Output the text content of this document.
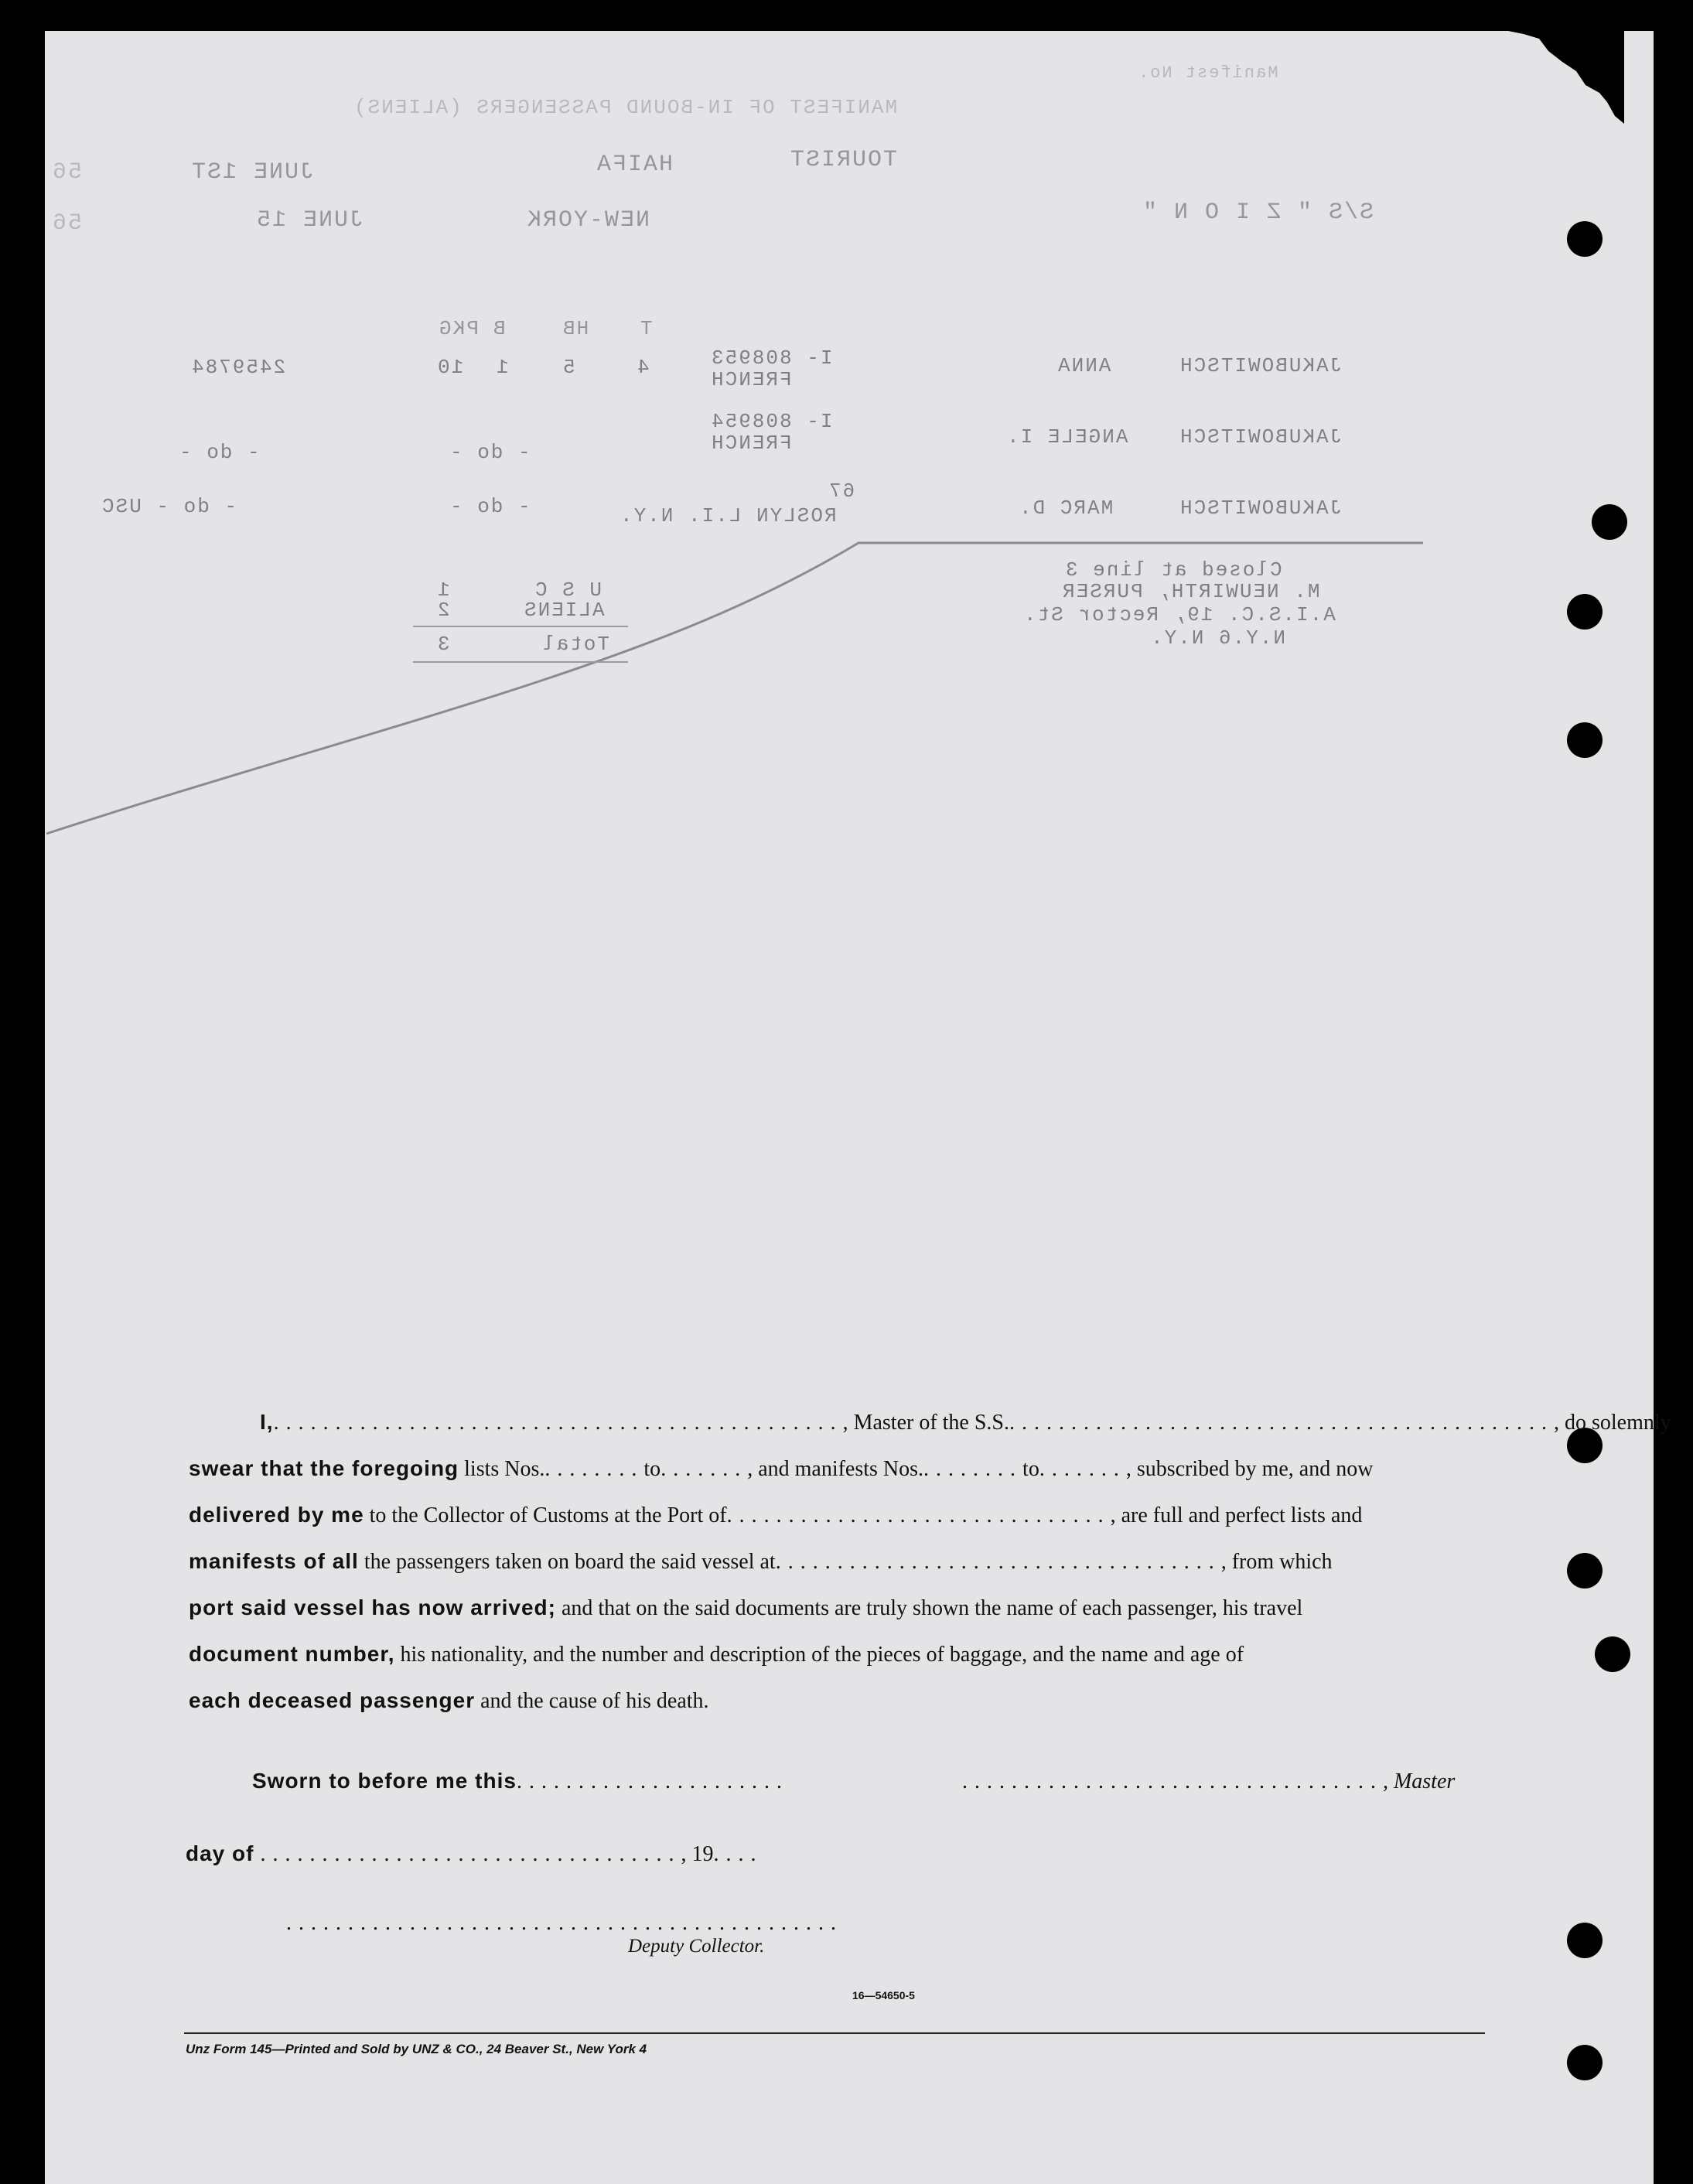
MANIFEST OF IN-BOUND PASSENGERS (ALIENS)
Manifest No.
S/S " Z I O N "
TOURIST
HAIFA
JUNE 1ST
56
NEW-YORK
JUNE 15
56
T
HB
B
PKG
JAKUBOWITSCH
ANNA
I- 808953
FRENCH
4
5
1
10
2459784
JAKUBOWITSCH
ANGELE I.
I- 808954
FRENCH
- do -
- do -
JAKUBOWITSCH
MARC D.
67
ROSLYN L.I. N.Y.
- do -
- do - USC
Closed at line 3
M. NEUWIRTH, PURSER
A.I.S.C. 19, Rector St.
N.Y.6 N.Y.
U S C
1
ALIENS
2
Total
3
I,. . . . . . . . . . . . . . . . . . . . . . . . . . . . . . . . . . . . . . . . . . . . . . , Master of the S.S.. . . . . . . . . . . . . . . . . . . . . . . . . . . . . . . . . . . . . . . . . . . . , do solemnly
swear that the foregoing lists Nos.. . . . . . . . to. . . . . . . , and manifests Nos.. . . . . . . . to. . . . . . . , subscribed by me, and now
delivered by me to the Collector of Customs at the Port of. . . . . . . . . . . . . . . . . . . . . . . . . . . . . . . , are full and perfect lists and
manifests of all the passengers taken on board the said vessel at. . . . . . . . . . . . . . . . . . . . . . . . . . . . . . . . . . . . , from which
port said vessel has now arrived; and that on the said documents are truly shown the name of each passenger, his travel
document number, his nationality, and the number and description of the pieces of baggage, and the name and age of
each deceased passenger and the cause of his death.
Sworn to before me this. . . . . . . . . . . . . . . . . . . . . .	. . . . . . . . . . . . . . . . . . . . . . . . . . . . . . . . . . , Master
day of . . . . . . . . . . . . . . . . . . . . . . . . . . . . . . . . . . , 19. . . .
. . . . . . . . . . . . . . . . . . . . . . . . . . . . . . . . . . . . . . . . . . . . .
Deputy Collector.
16—54650-5
Unz Form 145—Printed and Sold by UNZ & CO., 24 Beaver St., New York 4
